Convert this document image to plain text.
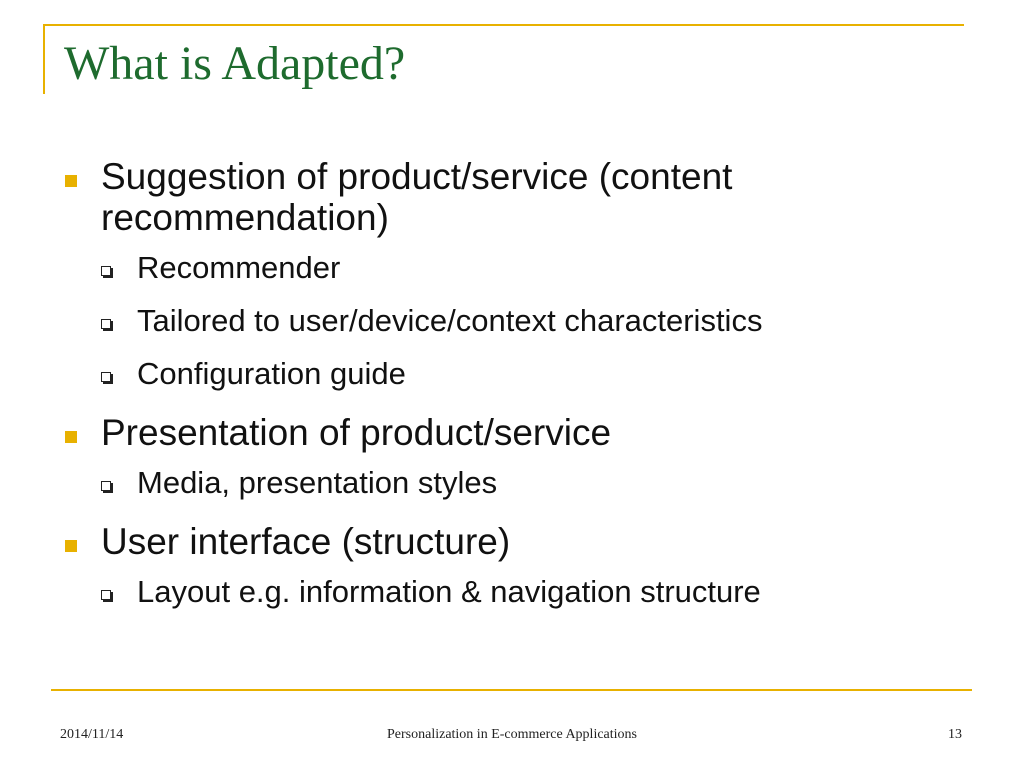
What is Adapted?
Suggestion of product/service (content recommendation)
Recommender
Tailored to user/device/context characteristics
Configuration guide
Presentation of product/service
Media, presentation styles
User interface (structure)
Layout e.g. information & navigation structure
2014/11/14	Personalization in E-commerce Applications	13
